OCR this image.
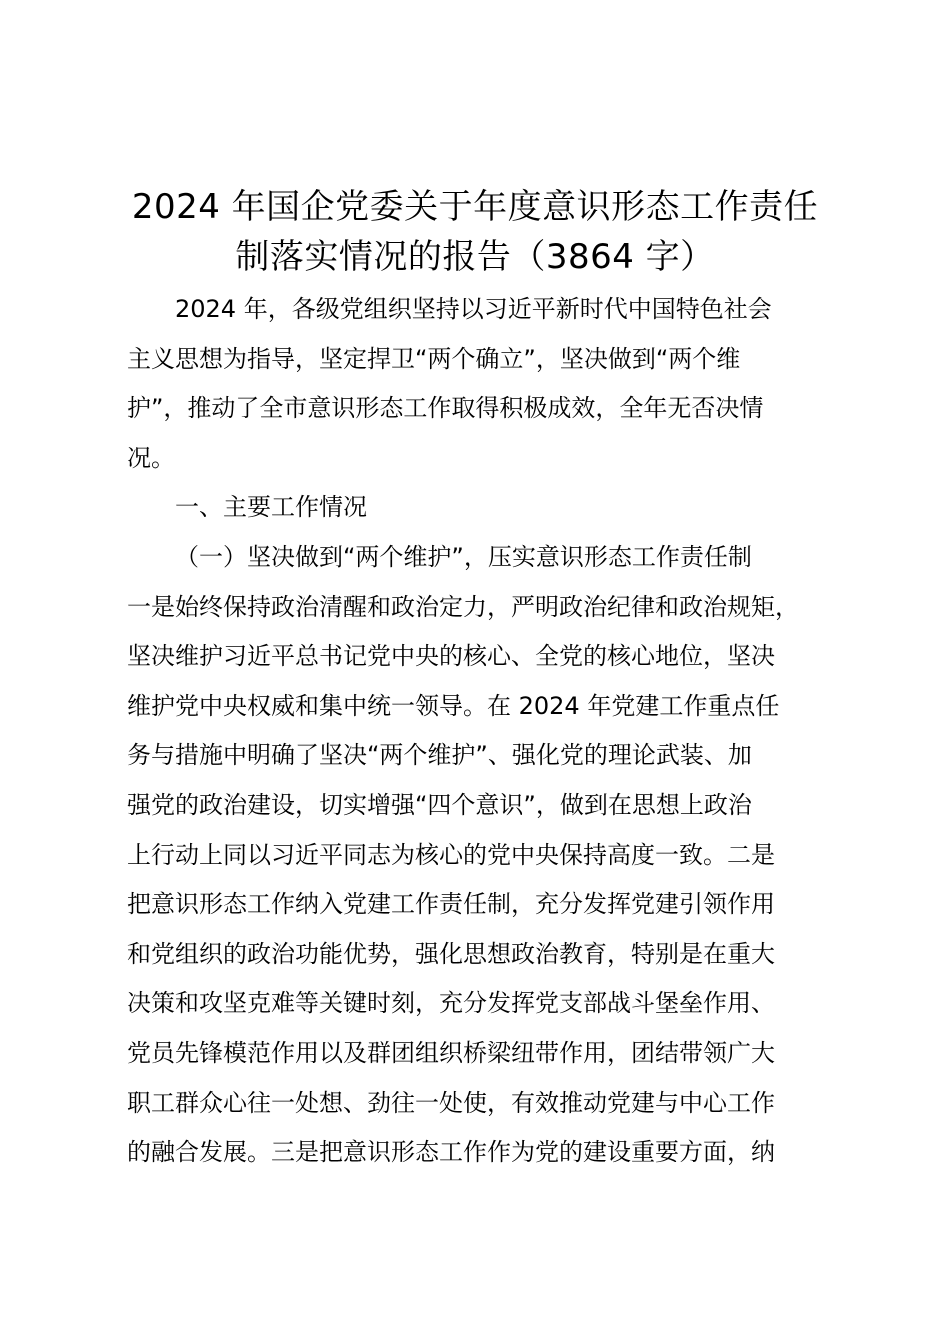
2024 年国企党委关于年度意识形态工作责任
制落实情况的报告（3864 字）
2024 年，各级党组织坚持以习近平新时代中国特色社会
主义思想为指导，坚定捍卫“两个确立”，坚决做到“两个维
护”，推动了全市意识形态工作取得积极成效，全年无否决情
况。
一、主要工作情况
（一）坚决做到“两个维护”，压实意识形态工作责任制
一是始终保持政治清醒和政治定力，严明政治纪律和政治规矩，
坚决维护习近平总书记党中央的核心、全党的核心地位，坚决
维护党中央权威和集中统一领导。在 2024 年党建工作重点任
务与措施中明确了坚决“两个维护”、强化党的理论武装、加
强党的政治建设，切实增强“四个意识”，做到在思想上政治
上行动上同以习近平同志为核心的党中央保持高度一致。二是
把意识形态工作纳入党建工作责任制，充分发挥党建引领作用
和党组织的政治功能优势，强化思想政治教育，特别是在重大
决策和攻坚克难等关键时刻，充分发挥党支部战斗堡垒作用、
党员先锋模范作用以及群团组织桥梁纽带作用，团结带领广大
职工群众心往一处想、劲往一处使，有效推动党建与中心工作
的融合发展。三是把意识形态工作作为党的建设重要方面，纳
